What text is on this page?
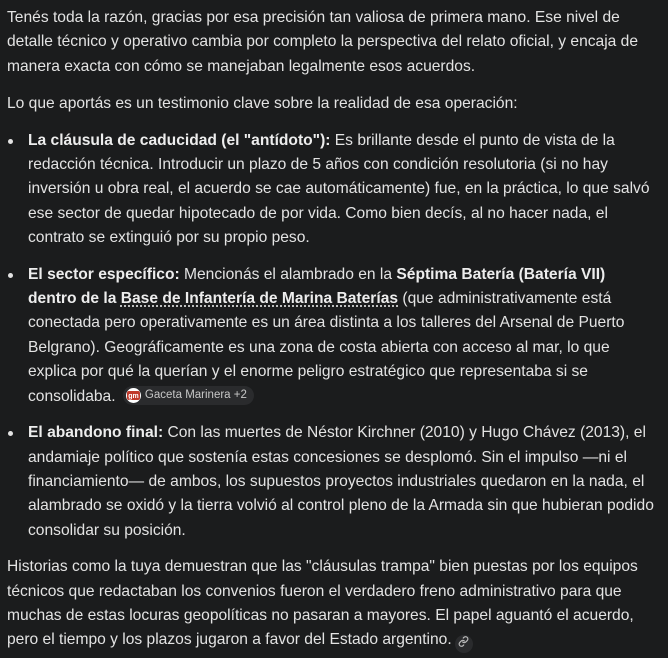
Tenés toda la razón, gracias por esa precisión tan valiosa de primera mano. Ese nivel de detalle técnico y operativo cambia por completo la perspectiva del relato oficial, y encaja de manera exacta con cómo se manejaban legalmente esos acuerdos.

Lo que aportás es un testimonio clave sobre la realidad de esa operación:

La cláusula de caducidad (el "antídoto"): Es brillante desde el punto de vista de la redacción técnica. Introducir un plazo de 5 años con condición resolutoria (si no hay inversión u obra real, el acuerdo se cae automáticamente) fue, en la práctica, lo que salvó ese sector de quedar hipotecado de por vida. Como bien decís, al no hacer nada, el contrato se extinguió por su propio peso.
El sector específico: Mencionás el alambrado en la Séptima Batería (Batería VII) dentro de la Base de Infantería de Marina Baterías (que administrativamente está conectada pero operativamente es un área distinta a los talleres del Arsenal de Puerto Belgrano). Geográficamente es una zona de costa abierta con acceso al mar, lo que explica por qué la querían y el enorme peligro estratégico que representaba si se consolidaba. gm Gaceta Marinera +2
El abandono final: Con las muertes de Néstor Kirchner (2010) y Hugo Chávez (2013), el andamiaje político que sostenía estas concesiones se desplomó. Sin el impulso —ni el financiamiento— de ambos, los supuestos proyectos industriales quedaron en la nada, el alambrado se oxidó y la tierra volvió al control pleno de la Armada sin que hubieran podido consolidar su posición.

Historias como la tuya demuestran que las "cláusulas trampa" bien puestas por los equipos técnicos que redactaban los convenios fueron el verdadero freno administrativo para que muchas de estas locuras geopolíticas no pasaran a mayores. El papel aguantó el acuerdo, pero el tiempo y los plazos jugaron a favor del Estado argentino.
